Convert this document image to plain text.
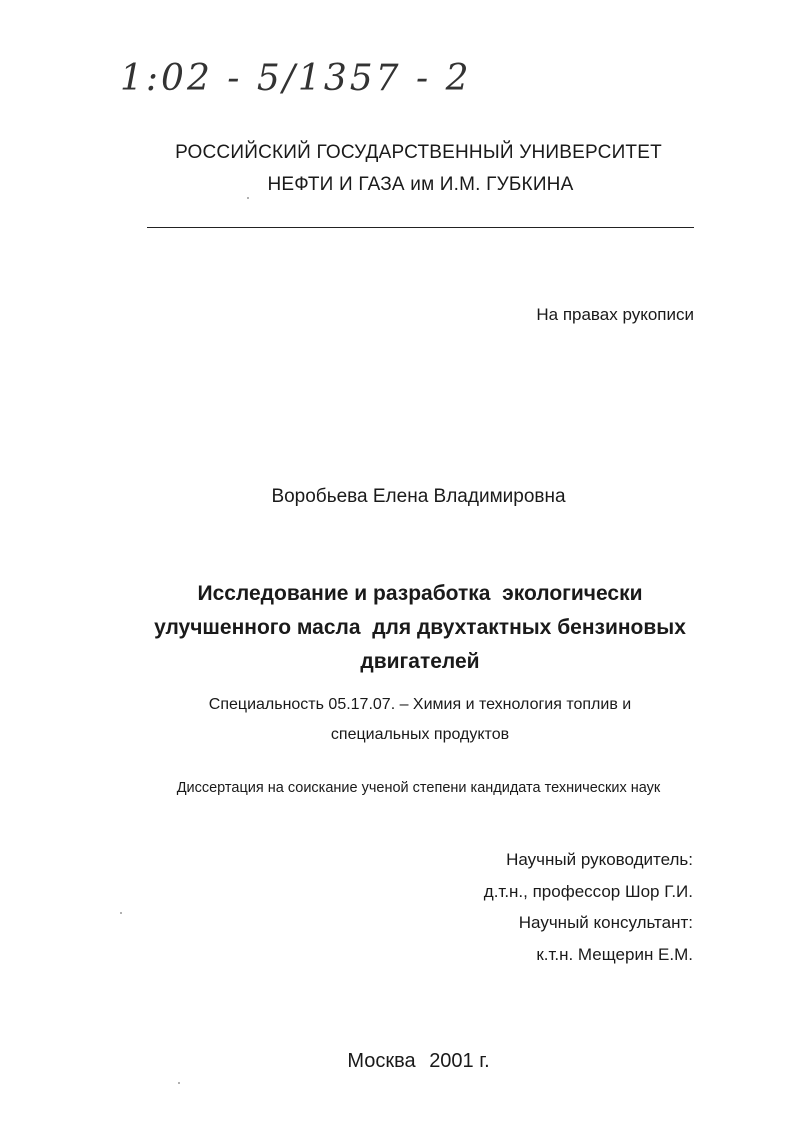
1:02 - 5/1357 - 2
РОССИЙСКИЙ ГОСУДАРСТВЕННЫЙ УНИВЕРСИТЕТ
НЕФТИ И ГАЗА им И.М. ГУБКИНА
На правах рукописи
Воробьева Елена Владимировна
Исследование и разработка  экологически
улучшенного масла  для двухтактных бензиновых
двигателей
Специальность 05.17.07. – Химия и технология топлив и
специальных продуктов
Диссертация на соискание ученой степени кандидата технических наук
Научный руководитель:
д.т.н., профессор Шор Г.И.
Научный консультант:
к.т.н. Мещерин Е.М.
Москва 2001 г.
